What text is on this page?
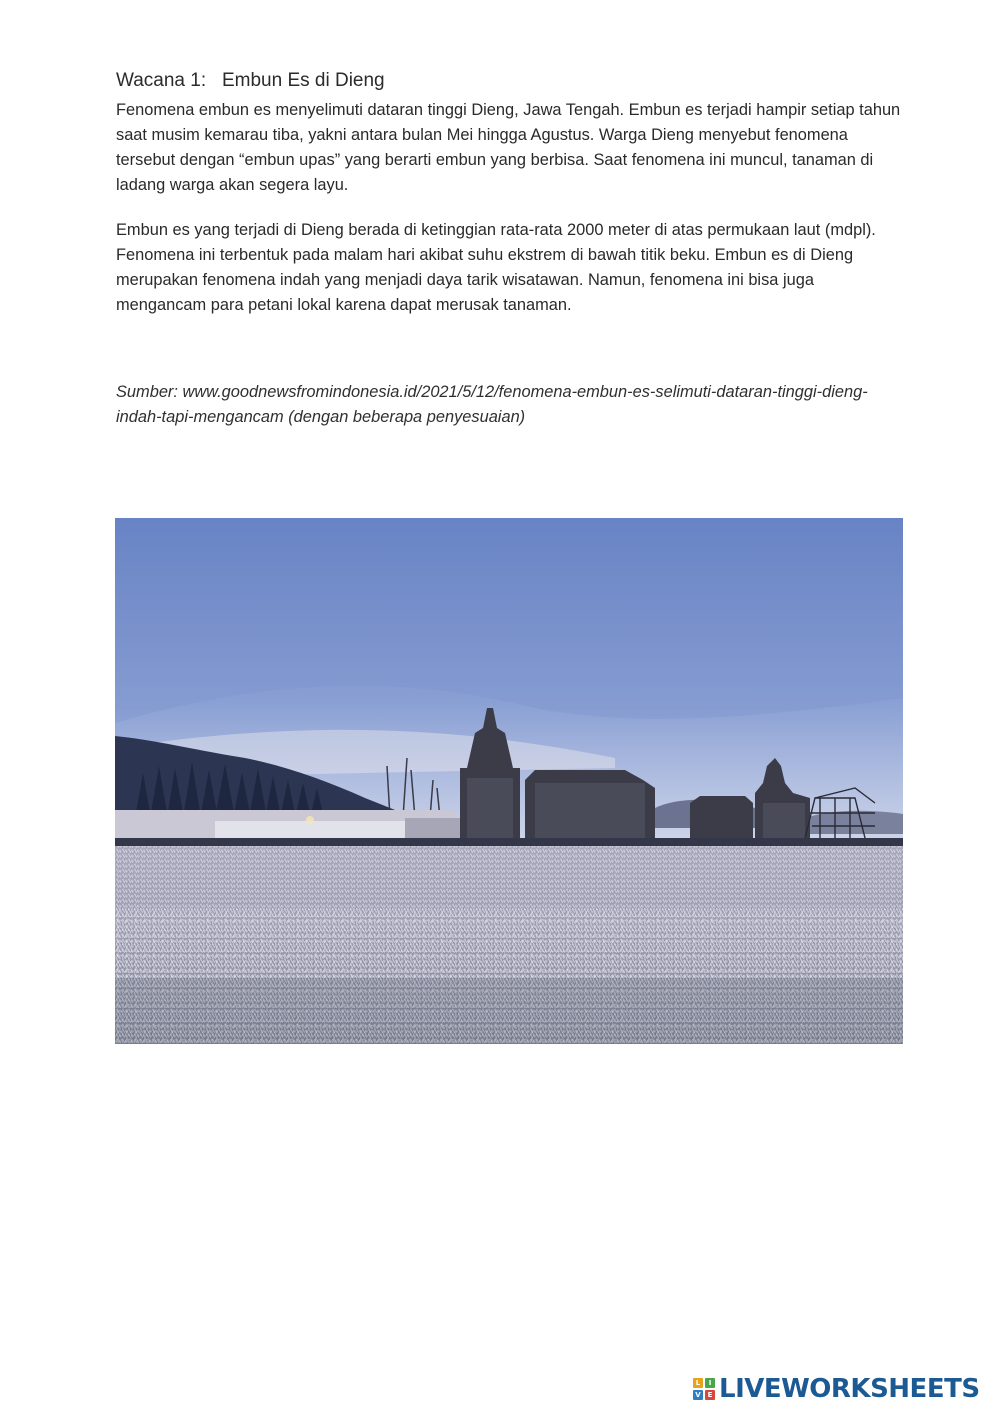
Wacana 1: Embun Es di Dieng

Fenomena embun es menyelimuti dataran tinggi Dieng, Jawa Tengah. Embun es terjadi hampir setiap tahun saat musim kemarau tiba, yakni antara bulan Mei hingga Agustus. Warga Dieng menyebut fenomena tersebut dengan “embun upas” yang berarti embun yang berbisa. Saat fenomena ini muncul, tanaman di ladang warga akan segera layu.

Embun es yang terjadi di Dieng berada di ketinggian rata-rata 2000 meter di atas permukaan laut (mdpl). Fenomena ini terbentuk pada malam hari akibat suhu ekstrem di bawah titik beku. Embun es di Dieng merupakan fenomena indah yang menjadi daya tarik wisatawan. Namun, fenomena ini bisa juga mengancam para petani lokal karena dapat merusak tanaman.

Sumber: www.goodnewsfromindonesia.id/2021/5/12/fenomena-embun-es-selimuti-dataran-tinggi-dieng-indah-tapi-mengancam (dengan beberapa penyesuaian)

L	I
V E LIVEWORKSHEETS
